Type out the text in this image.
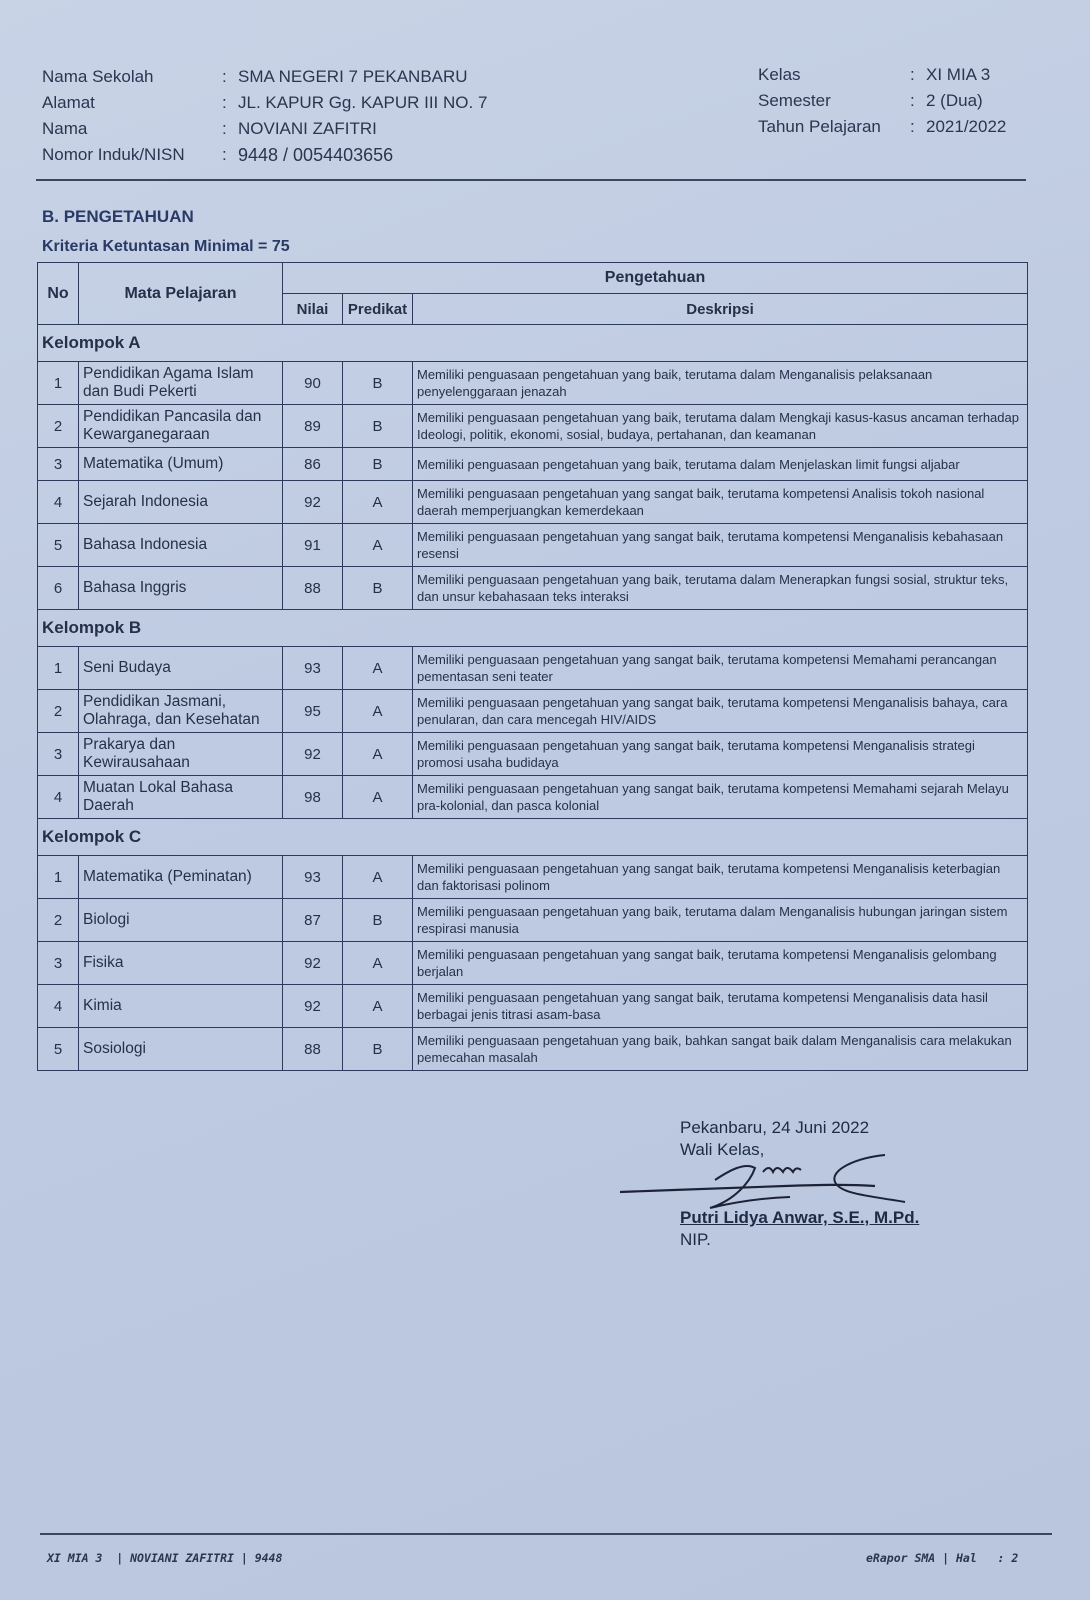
Nama Sekolah	: SMA NEGERI 7 PEKANBARU
Alamat	: JL. KAPUR Gg. KAPUR III NO. 7
Nama	: NOVIANI ZAFITRI
Nomor Induk/NISN	: 9448 / 0054403656
Kelas	: XI MIA 3
Semester	: 2 (Dua)
Tahun Pelajaran	: 2021/2022
B. PENGETAHUAN
Kriteria Ketuntasan Minimal = 75
No	Mata Pelajaran	Pengetahuan		
		Nilai	Predikat	Deskripsi
Kelompok A				
1	Pendidikan Agama Islam dan Budi Pekerti	90	B	Memiliki penguasaan pengetahuan yang baik, terutama dalam Menganalisis pelaksanaan penyelenggaraan jenazah
2	Pendidikan Pancasila dan Kewarganegaraan	89	B	Memiliki penguasaan pengetahuan yang baik, terutama dalam Mengkaji kasus-kasus ancaman terhadap Ideologi, politik, ekonomi, sosial, budaya, pertahanan, dan keamanan
3	Matematika (Umum)	86	B	Memiliki penguasaan pengetahuan yang baik, terutama dalam Menjelaskan limit fungsi aljabar
4	Sejarah Indonesia	92	A	Memiliki penguasaan pengetahuan yang sangat baik, terutama kompetensi Analisis tokoh nasional daerah memperjuangkan kemerdekaan
5	Bahasa Indonesia	91	A	Memiliki penguasaan pengetahuan yang sangat baik, terutama kompetensi Menganalisis kebahasaan resensi
6	Bahasa Inggris	88	B	Memiliki penguasaan pengetahuan yang baik, terutama dalam Menerapkan fungsi sosial, struktur teks, dan unsur kebahasaan teks interaksi
Kelompok B				
1	Seni Budaya	93	A	Memiliki penguasaan pengetahuan yang sangat baik, terutama kompetensi Memahami perancangan pementasan seni teater
2	Pendidikan Jasmani, Olahraga, dan Kesehatan	95	A	Memiliki penguasaan pengetahuan yang sangat baik, terutama kompetensi Menganalisis bahaya, cara penularan, dan cara mencegah HIV/AIDS
3	Prakarya dan Kewirausahaan	92	A	Memiliki penguasaan pengetahuan yang sangat baik, terutama kompetensi Menganalisis strategi promosi usaha budidaya
4	Muatan Lokal Bahasa Daerah	98	A	Memiliki penguasaan pengetahuan yang sangat baik, terutama kompetensi Memahami sejarah Melayu pra-kolonial, dan pasca kolonial
Kelompok C				
1	Matematika (Peminatan)	93	A	Memiliki penguasaan pengetahuan yang sangat baik, terutama kompetensi Menganalisis keterbagian dan faktorisasi polinom
2	Biologi	87	B	Memiliki penguasaan pengetahuan yang baik, terutama dalam Menganalisis hubungan jaringan sistem respirasi manusia
3	Fisika	92	A	Memiliki penguasaan pengetahuan yang sangat baik, terutama kompetensi Menganalisis gelombang berjalan
4	Kimia	92	A	Memiliki penguasaan pengetahuan yang sangat baik, terutama kompetensi Menganalisis data hasil berbagai jenis titrasi asam-basa
5	Sosiologi	88	B	Memiliki penguasaan pengetahuan yang baik, bahkan sangat baik dalam Menganalisis cara melakukan pemecahan masalah
Pekanbaru, 24 Juni 2022
Wali Kelas,
Putri Lidya Anwar, S.E., M.Pd.
NIP.
XI MIA 3  | NOVIANI ZAFITRI | 9448	eRapor SMA | Hal   : 2
